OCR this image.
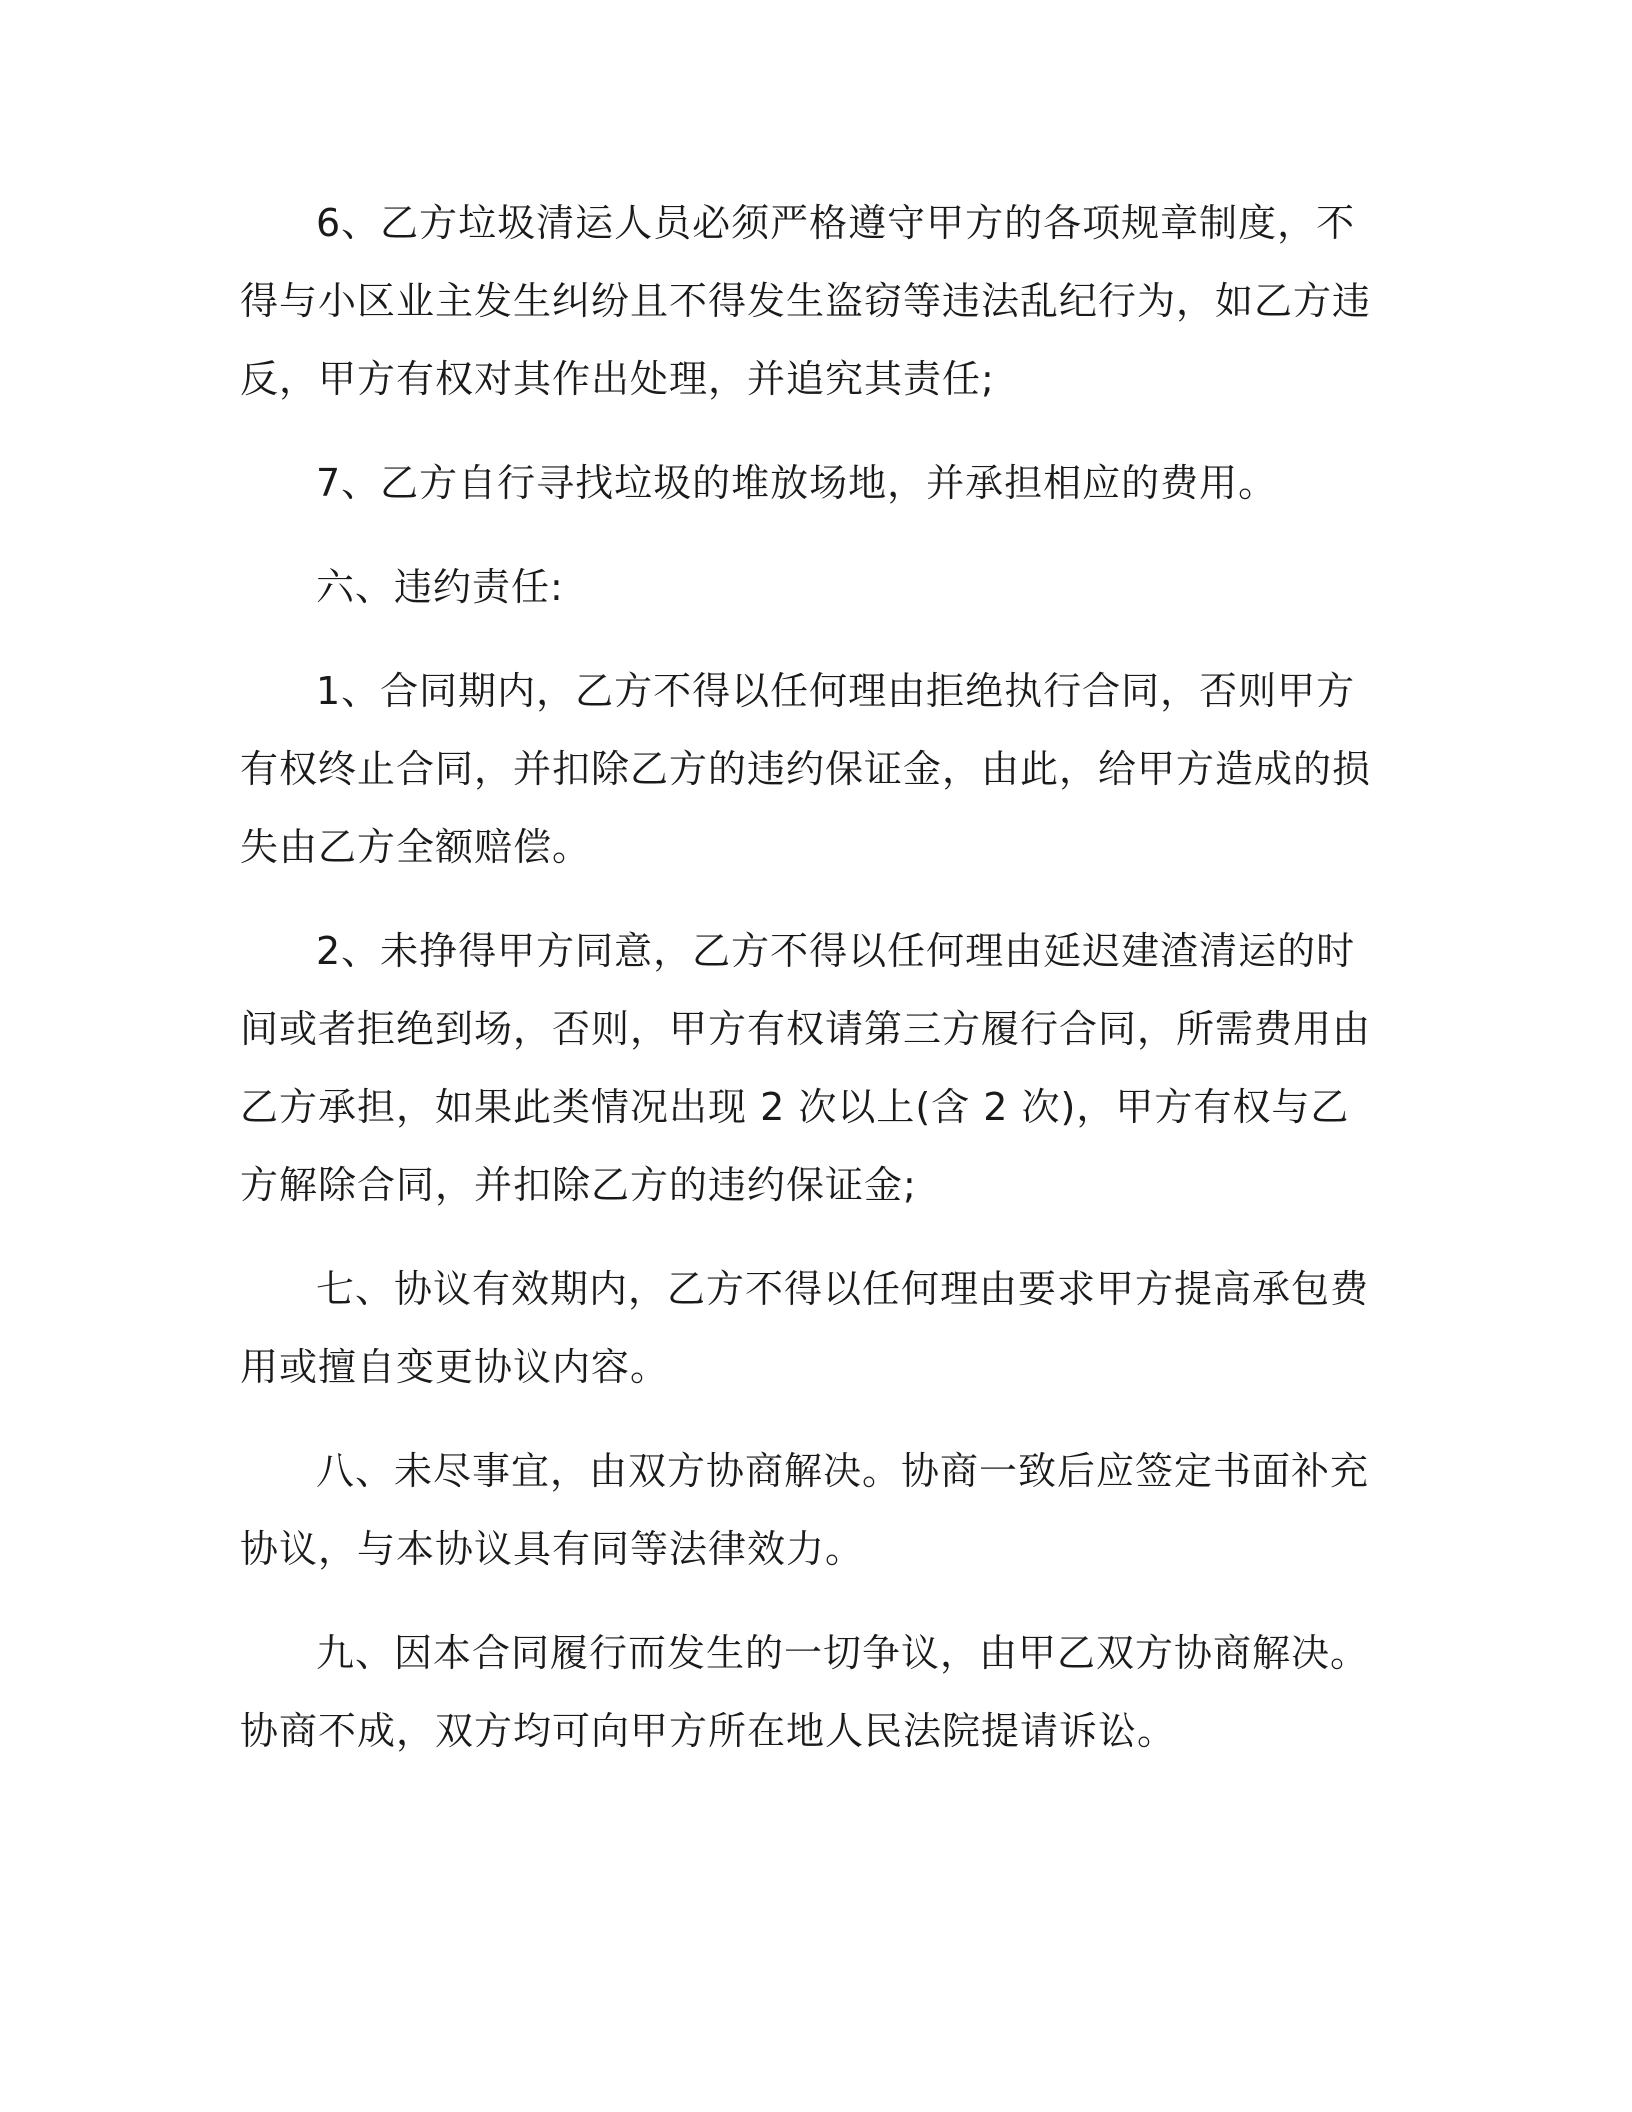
6、乙方垃圾清运人员必须严格遵守甲方的各项规章制度，不得与小区业主发生纠纷且不得发生盗窃等违法乱纪行为，如乙方违反，甲方有权对其作出处理，并追究其责任;

7、乙方自行寻找垃圾的堆放场地，并承担相应的费用。

六、违约责任:

1、合同期内，乙方不得以任何理由拒绝执行合同，否则甲方有权终止合同，并扣除乙方的违约保证金，由此，给甲方造成的损失由乙方全额赔偿。

2、未挣得甲方同意，乙方不得以任何理由延迟建渣清运的时间或者拒绝到场，否则，甲方有权请第三方履行合同，所需费用由乙方承担，如果此类情况出现 2 次以上(含 2 次)，甲方有权与乙方解除合同，并扣除乙方的违约保证金;

七、协议有效期内，乙方不得以任何理由要求甲方提高承包费用或擅自变更协议内容。

八、未尽事宜，由双方协商解决。协商一致后应签定书面补充协议，与本协议具有同等法律效力。

九、因本合同履行而发生的一切争议，由甲乙双方协商解决。协商不成，双方均可向甲方所在地人民法院提请诉讼。
